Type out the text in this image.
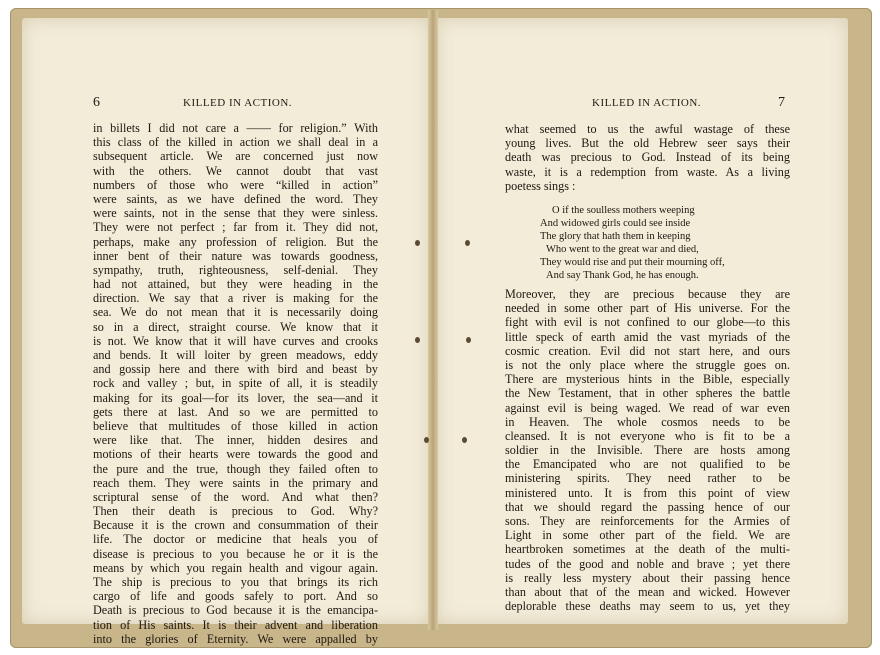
6	KILLED IN ACTION.	KILLED IN ACTION.	7
in billets I did not care a —— for religion.” With
this class of the killed in action we shall deal in a
subsequent article. We are concerned just now
with the others. We cannot doubt that vast
numbers of those who were “killed in action”
were saints, as we have defined the word. They
were saints, not in the sense that they were sinless.
They were not perfect ; far from it. They did not,
perhaps, make any profession of religion. But the
inner bent of their nature was towards goodness,
sympathy, truth, righteousness, self-denial. They
had not attained, but they were heading in the
direction. We say that a river is making for the
sea. We do not mean that it is necessarily doing
so in a direct, straight course. We know that it
is not. We know that it will have curves and crooks
and bends. It will loiter by green meadows, eddy
and gossip here and there with bird and beast by
rock and valley ; but, in spite of all, it is steadily
making for its goal—for its lover, the sea—and it
gets there at last. And so we are permitted to
believe that multitudes of those killed in action
were like that. The inner, hidden desires and
motions of their hearts were towards the good and
the pure and the true, though they failed often to
reach them. They were saints in the primary and
scriptural sense of the word. And what then?
Then their death is precious to God. Why?
Because it is the crown and consummation of their
life. The doctor or medicine that heals you of
disease is precious to you because he or it is the
means by which you regain health and vigour again.
The ship is precious to you that brings its rich
cargo of life and goods safely to port. And so
Death is precious to God because it is the emancipa-
tion of His saints. It is their advent and liberation
into the glories of Eternity. We were appalled by
what seemed to us the awful wastage of these
young lives. But the old Hebrew seer says their
death was precious to God. Instead of its being
waste, it is a redemption from waste. As a living
poetess sings :
O if the soulless mothers weeping
And widowed girls could see inside
The glory that hath them in keeping
Who went to the great war and died,
They would rise and put their mourning off,
And say Thank God, he has enough.
Moreover, they are precious because they are
needed in some other part of His universe. For the
fight with evil is not confined to our globe—to this
little speck of earth amid the vast myriads of the
cosmic creation. Evil did not start here, and ours
is not the only place where the struggle goes on.
There are mysterious hints in the Bible, especially
the New Testament, that in other spheres the battle
against evil is being waged. We read of war even
in Heaven. The whole cosmos needs to be
cleansed. It is not everyone who is fit to be a
soldier in the Invisible. There are hosts among
the Emancipated who are not qualified to be
ministering spirits. They need rather to be
ministered unto. It is from this point of view
that we should regard the passing hence of our
sons. They are reinforcements for the Armies of
Light in some other part of the field. We are
heartbroken sometimes at the death of the multi-
tudes of the good and noble and brave ; yet there
is really less mystery about their passing hence
than about that of the mean and wicked. However
deplorable these deaths may seem to us, yet they
